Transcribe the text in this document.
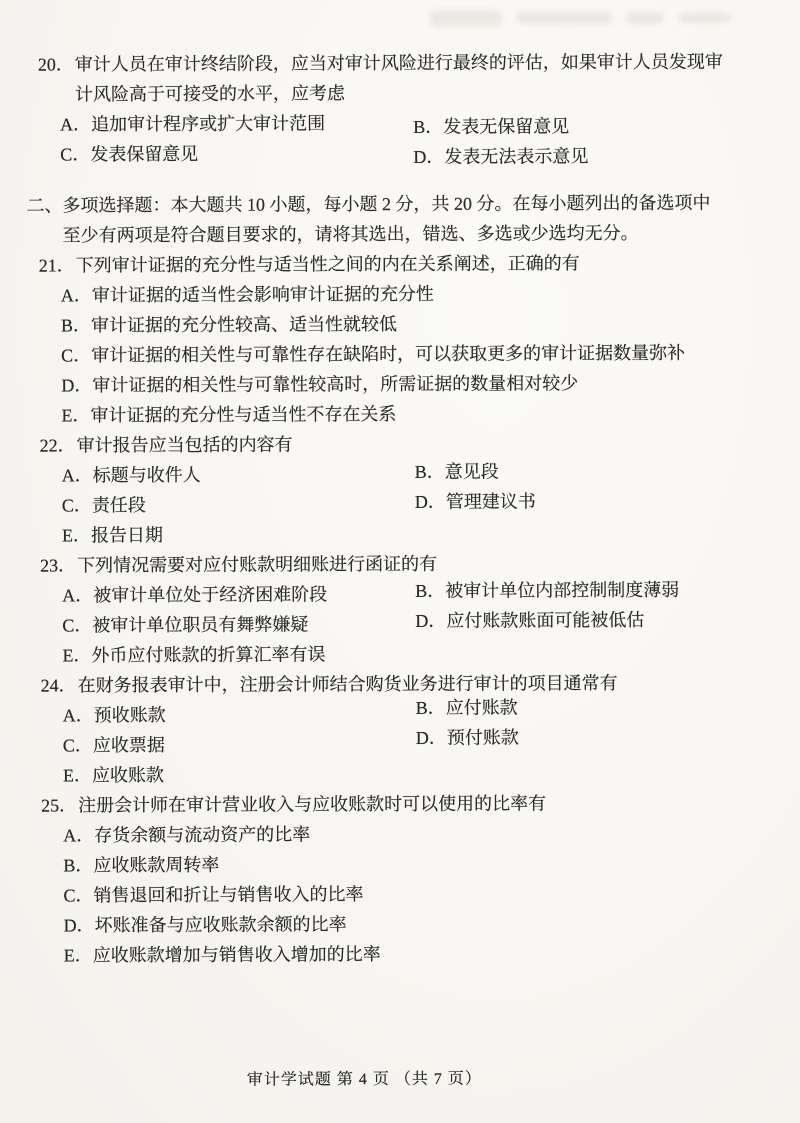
20． 审计人员在审计终结阶段，应当对审计风险进行最终的评估，如果审计人员发现审
计风险高于可接受的水平，应考虑
A．追加审计程序或扩大审计范围	B．发表无保留意见
C．发表保留意见	D．发表无法表示意见
二、 多项选择题：本大题共 10 小题，每小题 2 分，共 20 分。在每小题列出的备选项中
至少有两项是符合题目要求的，请将其选出，错选、多选或少选均无分。
21． 下列审计证据的充分性与适当性之间的内在关系阐述，正确的有
A．审计证据的适当性会影响审计证据的充分性
B．审计证据的充分性较高、适当性就较低
C．审计证据的相关性与可靠性存在缺陷时，可以获取更多的审计证据数量弥补
D．审计证据的相关性与可靠性较高时，所需证据的数量相对较少
E．审计证据的充分性与适当性不存在关系
22． 审计报告应当包括的内容有
A．标题与收件人	B．意见段
C．责任段	D．管理建议书
E．报告日期
23． 下列情况需要对应付账款明细账进行函证的有
A．被审计单位处于经济困难阶段	B．被审计单位内部控制制度薄弱
C．被审计单位职员有舞弊嫌疑	D．应付账款账面可能被低估
E．外币应付账款的折算汇率有误
24． 在财务报表审计中，注册会计师结合购货业务进行审计的项目通常有
A．预收账款	B．应付账款
C．应收票据	D．预付账款
E．应收账款
25． 注册会计师在审计营业收入与应收账款时可以使用的比率有
A．存货余额与流动资产的比率
B．应收账款周转率
C．销售退回和折让与销售收入的比率
D．坏账准备与应收账款余额的比率
E．应收账款增加与销售收入增加的比率
审计学试题 第 4 页 （共 7 页）
